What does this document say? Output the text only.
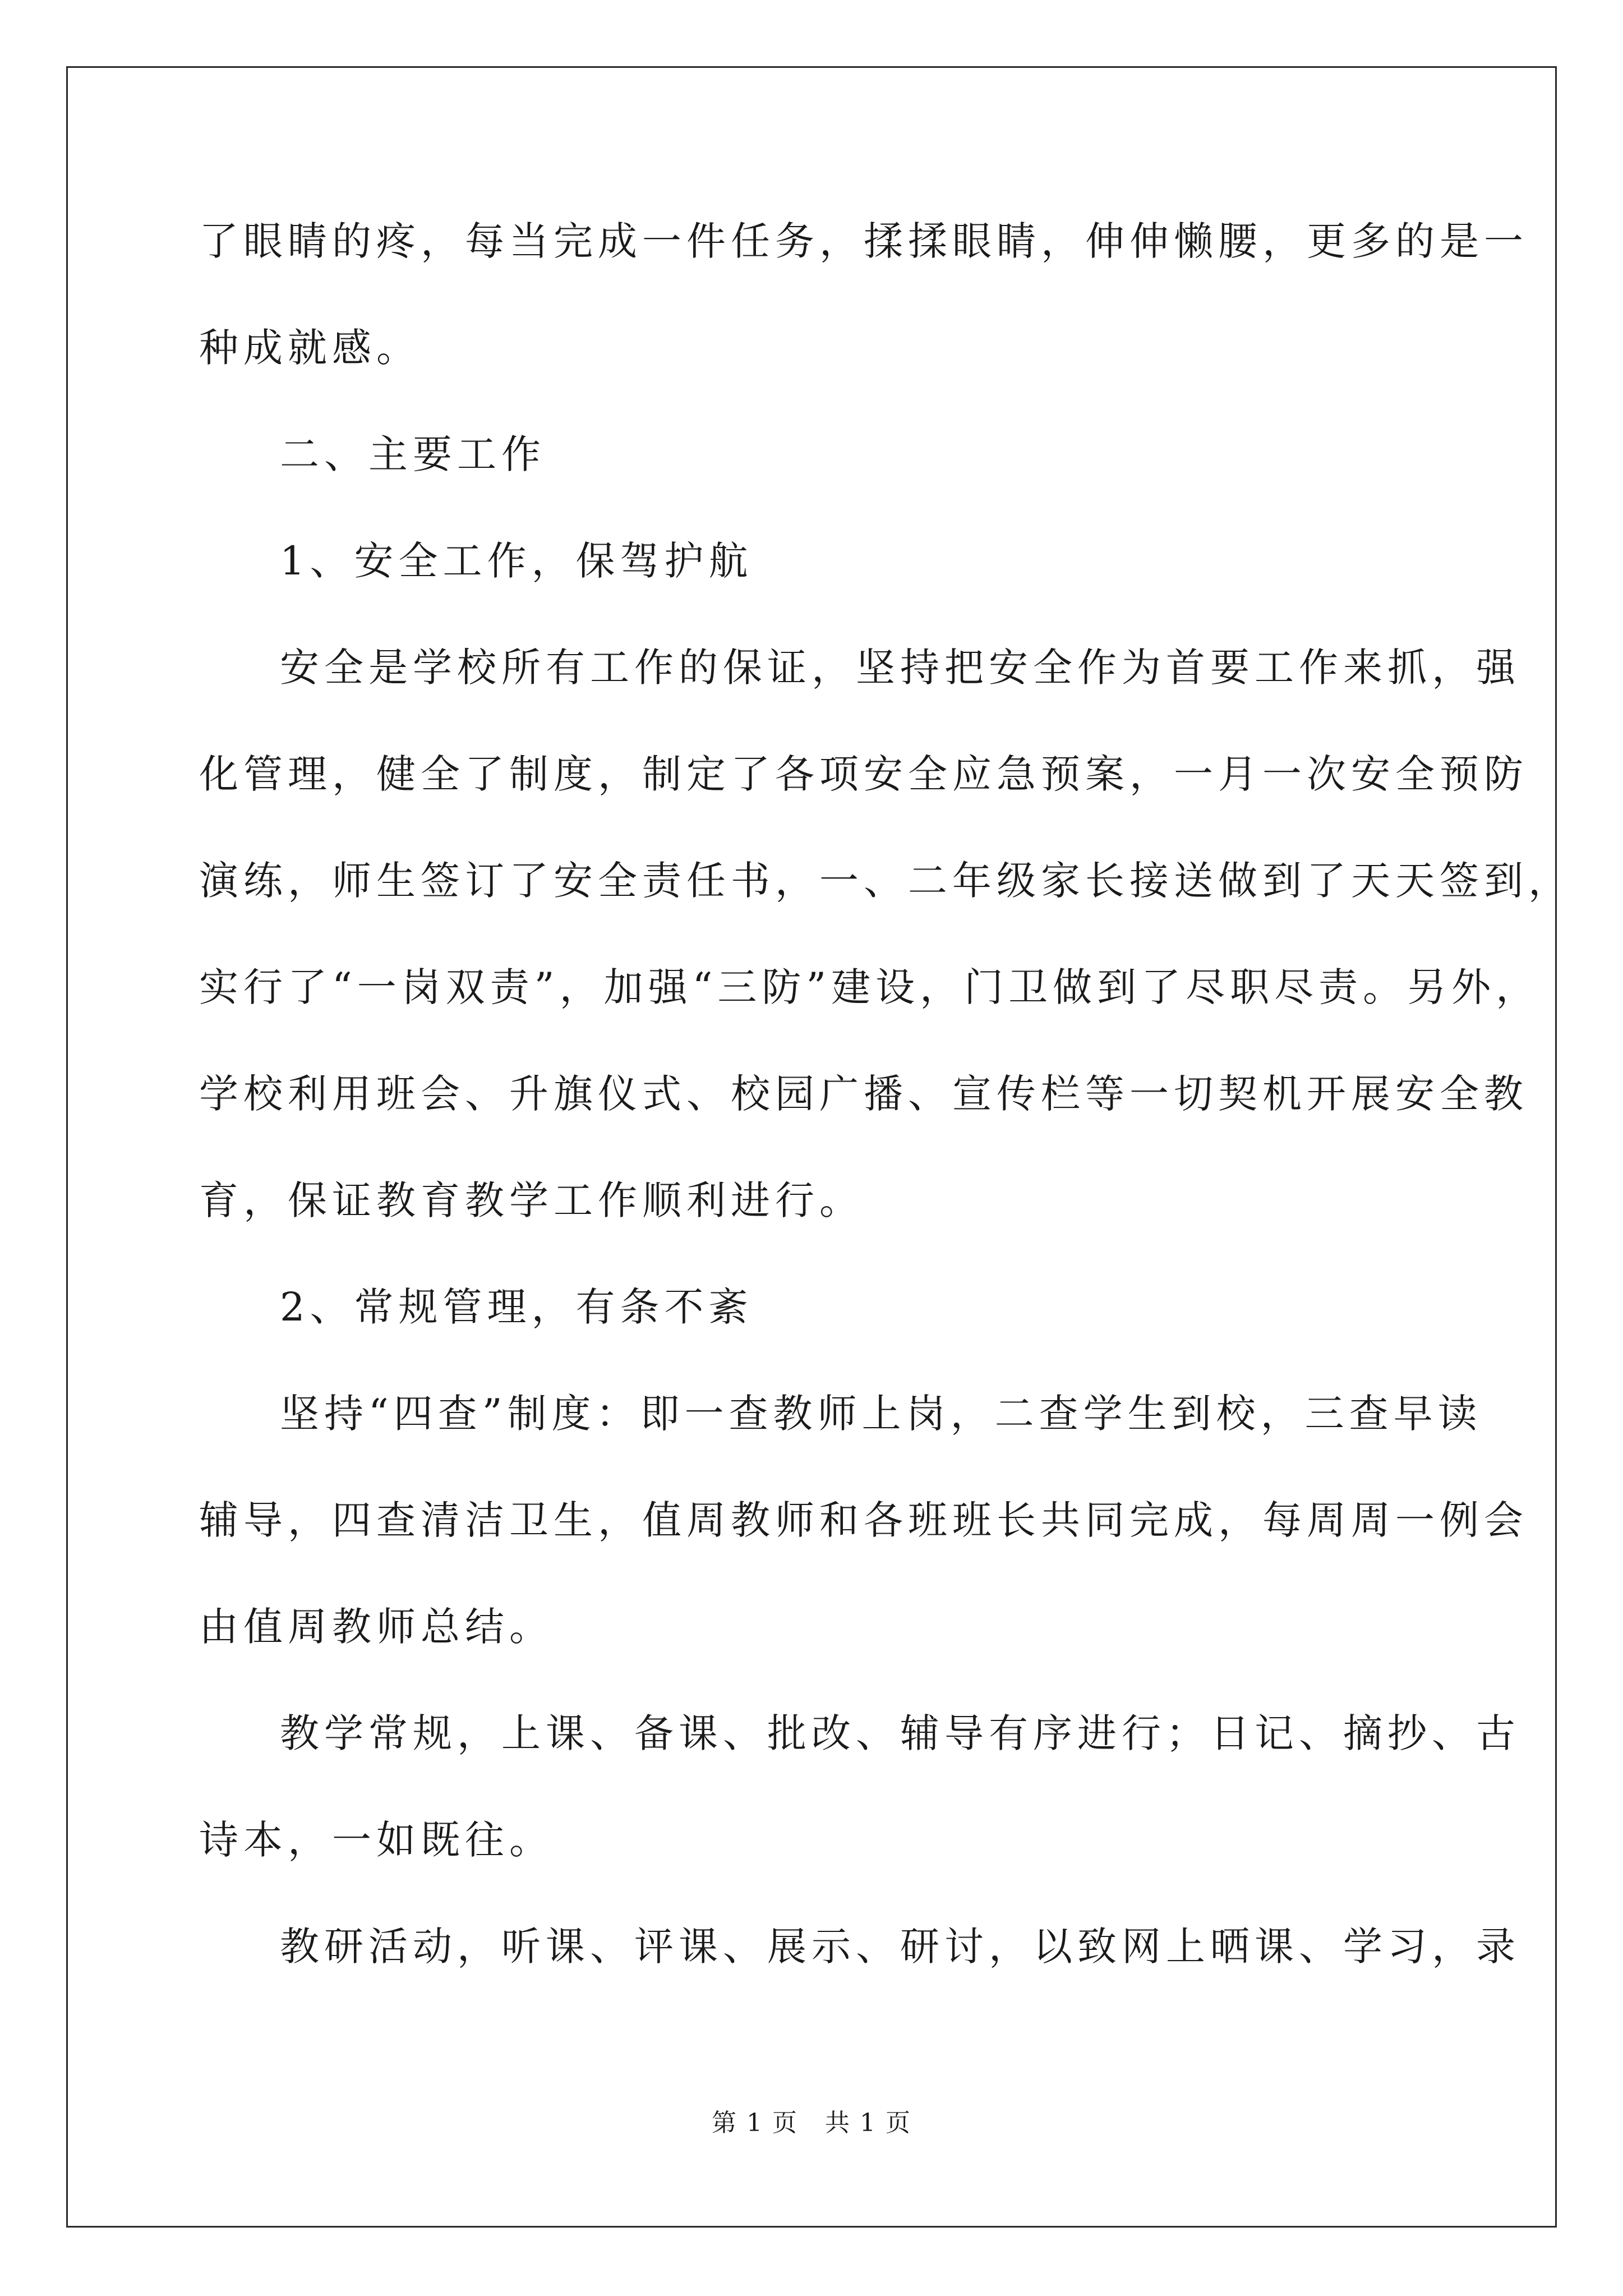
了眼睛的疼，每当完成一件任务，揉揉眼睛，伸伸懒腰，更多的是一
种成就感。
二、主要工作
1、安全工作，保驾护航
安全是学校所有工作的保证，坚持把安全作为首要工作来抓，强
化管理，健全了制度，制定了各项安全应急预案，一月一次安全预防
演练，师生签订了安全责任书，一、二年级家长接送做到了天天签到，
实行了“一岗双责”，加强“三防”建设，门卫做到了尽职尽责。另外，
学校利用班会、升旗仪式、校园广播、宣传栏等一切契机开展安全教
育，保证教育教学工作顺利进行。
2、常规管理，有条不紊
坚持“四查”制度：即一查教师上岗，二查学生到校，三查早读
辅导，四查清洁卫生，值周教师和各班班长共同完成，每周周一例会
由值周教师总结。
教学常规，上课、备课、批改、辅导有序进行；日记、摘抄、古
诗本，一如既往。
教研活动，听课、评课、展示、研讨，以致网上晒课、学习，录
第 1 页   共 1 页
